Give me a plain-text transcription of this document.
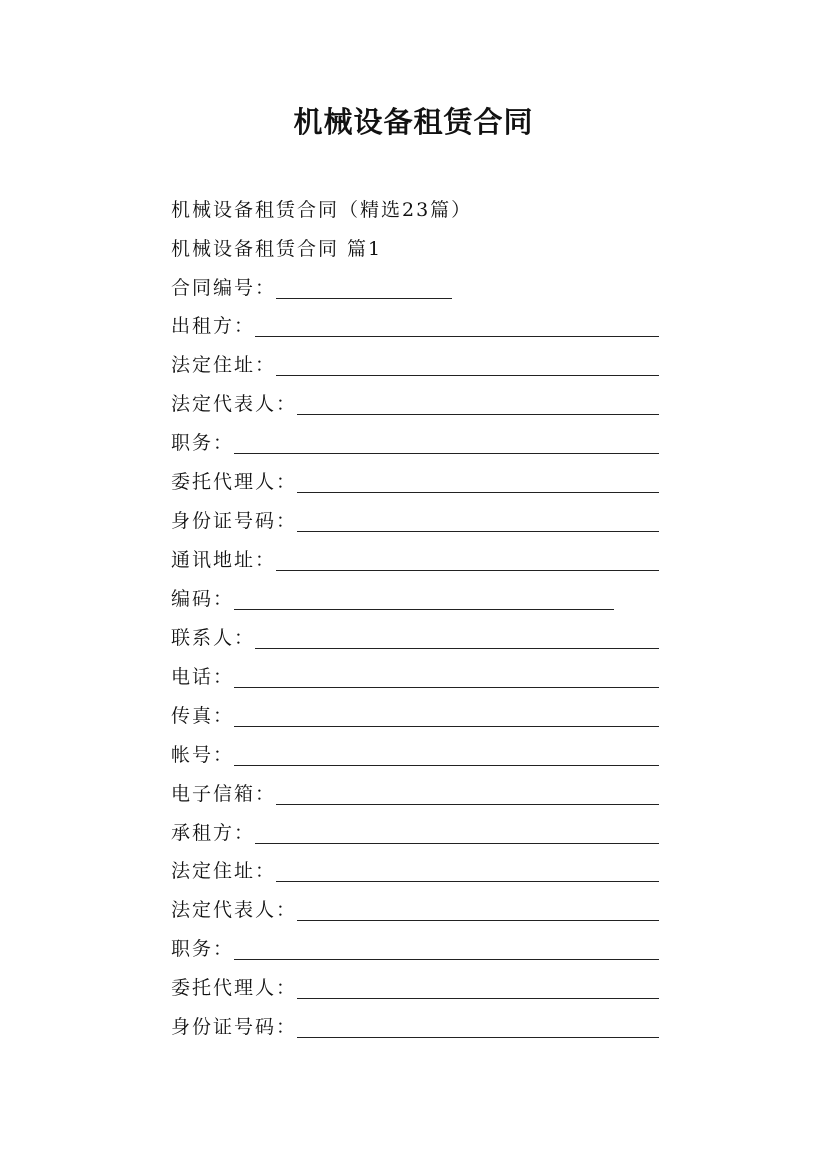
机械设备租赁合同
机械设备租赁合同（精选23篇）
机械设备租赁合同 篇1
合同编号：
出租方：
法定住址：
法定代表人：
职务：
委托代理人：
身份证号码：
通讯地址：
编码：
联系人：
电话：
传真：
帐号：
电子信箱：
承租方：
法定住址：
法定代表人：
职务：
委托代理人：
身份证号码：
